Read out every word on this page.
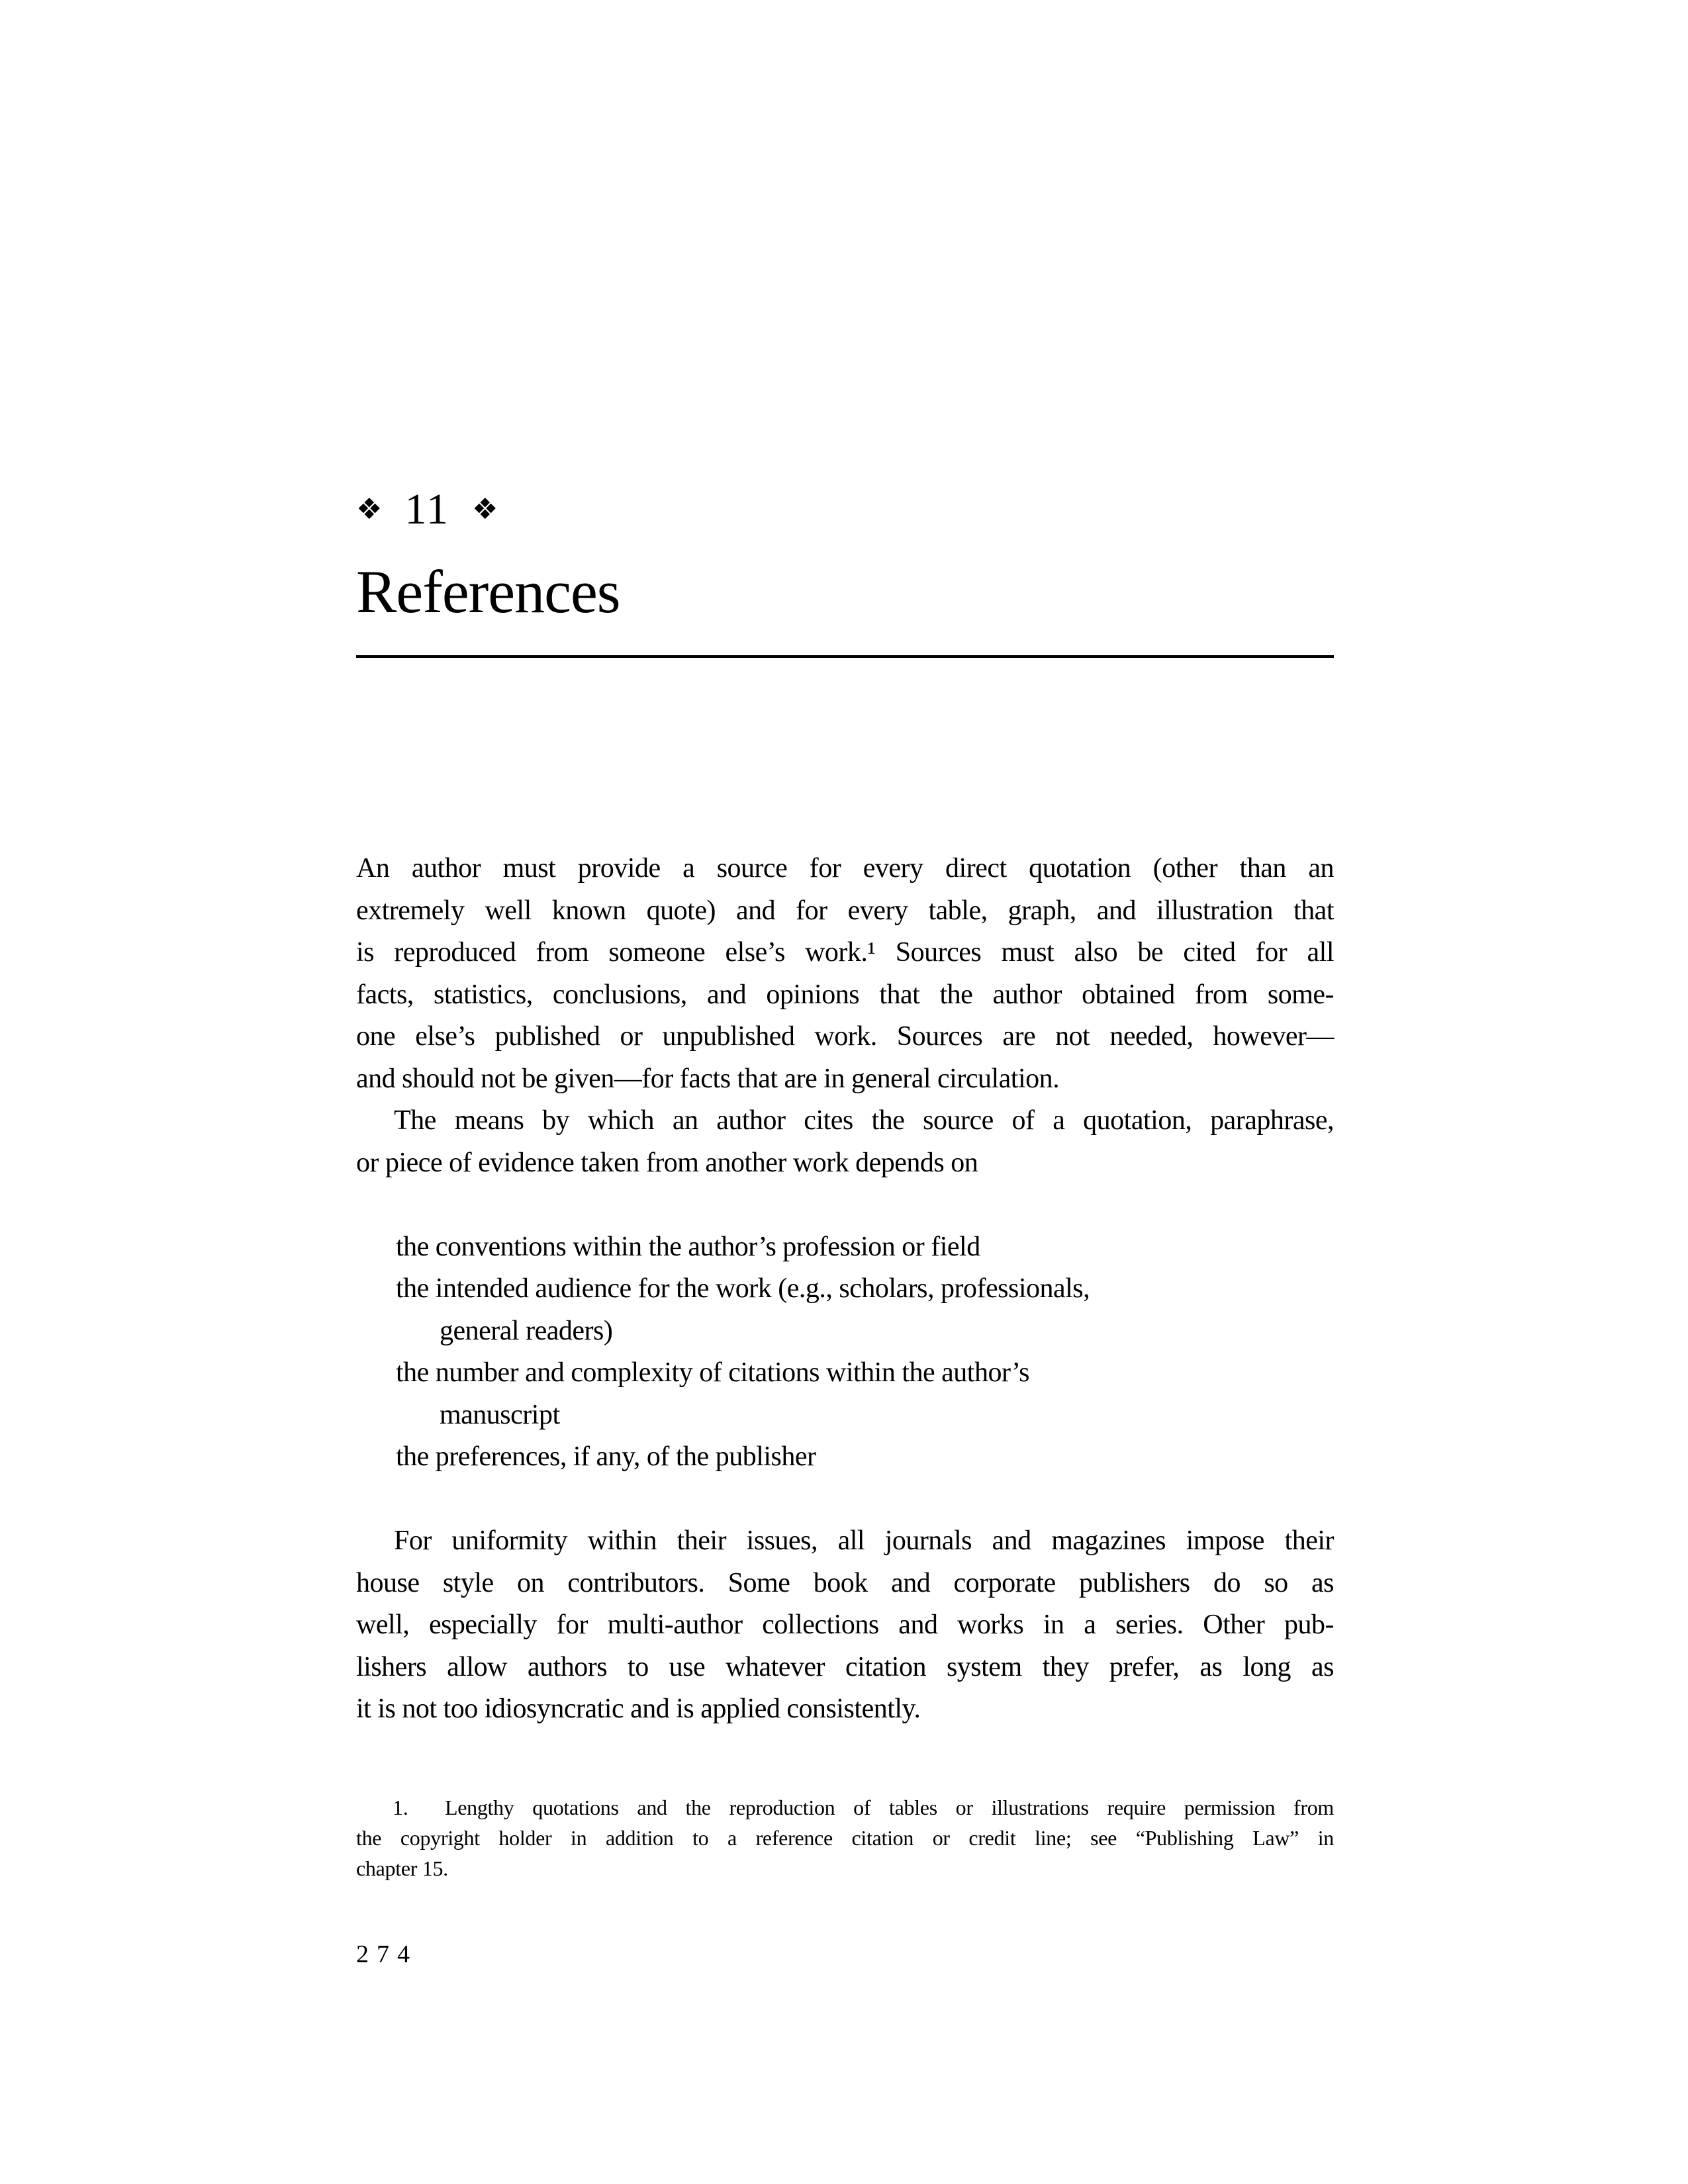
❖ 11 ❖
References
An author must provide a source for every direct quotation (other than an
extremely well known quote) and for every table, graph, and illustration that
is reproduced from someone else’s work.¹ Sources must also be cited for all
facts, statistics, conclusions, and opinions that the author obtained from some-
one else’s published or unpublished work. Sources are not needed, however—
and should not be given—for facts that are in general circulation.
The means by which an author cites the source of a quotation, paraphrase,
or piece of evidence taken from another work depends on

the conventions within the author’s profession or field
the intended audience for the work (e.g., scholars, professionals,
general readers)
the number and complexity of citations within the author’s
manuscript
the preferences, if any, of the publisher

For uniformity within their issues, all journals and magazines impose their
house style on contributors. Some book and corporate publishers do so as
well, especially for multi-author collections and works in a series. Other pub-
lishers allow authors to use whatever citation system they prefer, as long as
it is not too idiosyncratic and is applied consistently.
1.  Lengthy quotations and the reproduction of tables or illustrations require permission from
the copyright holder in addition to a reference citation or credit line; see “Publishing Law” in
chapter 15.
274
